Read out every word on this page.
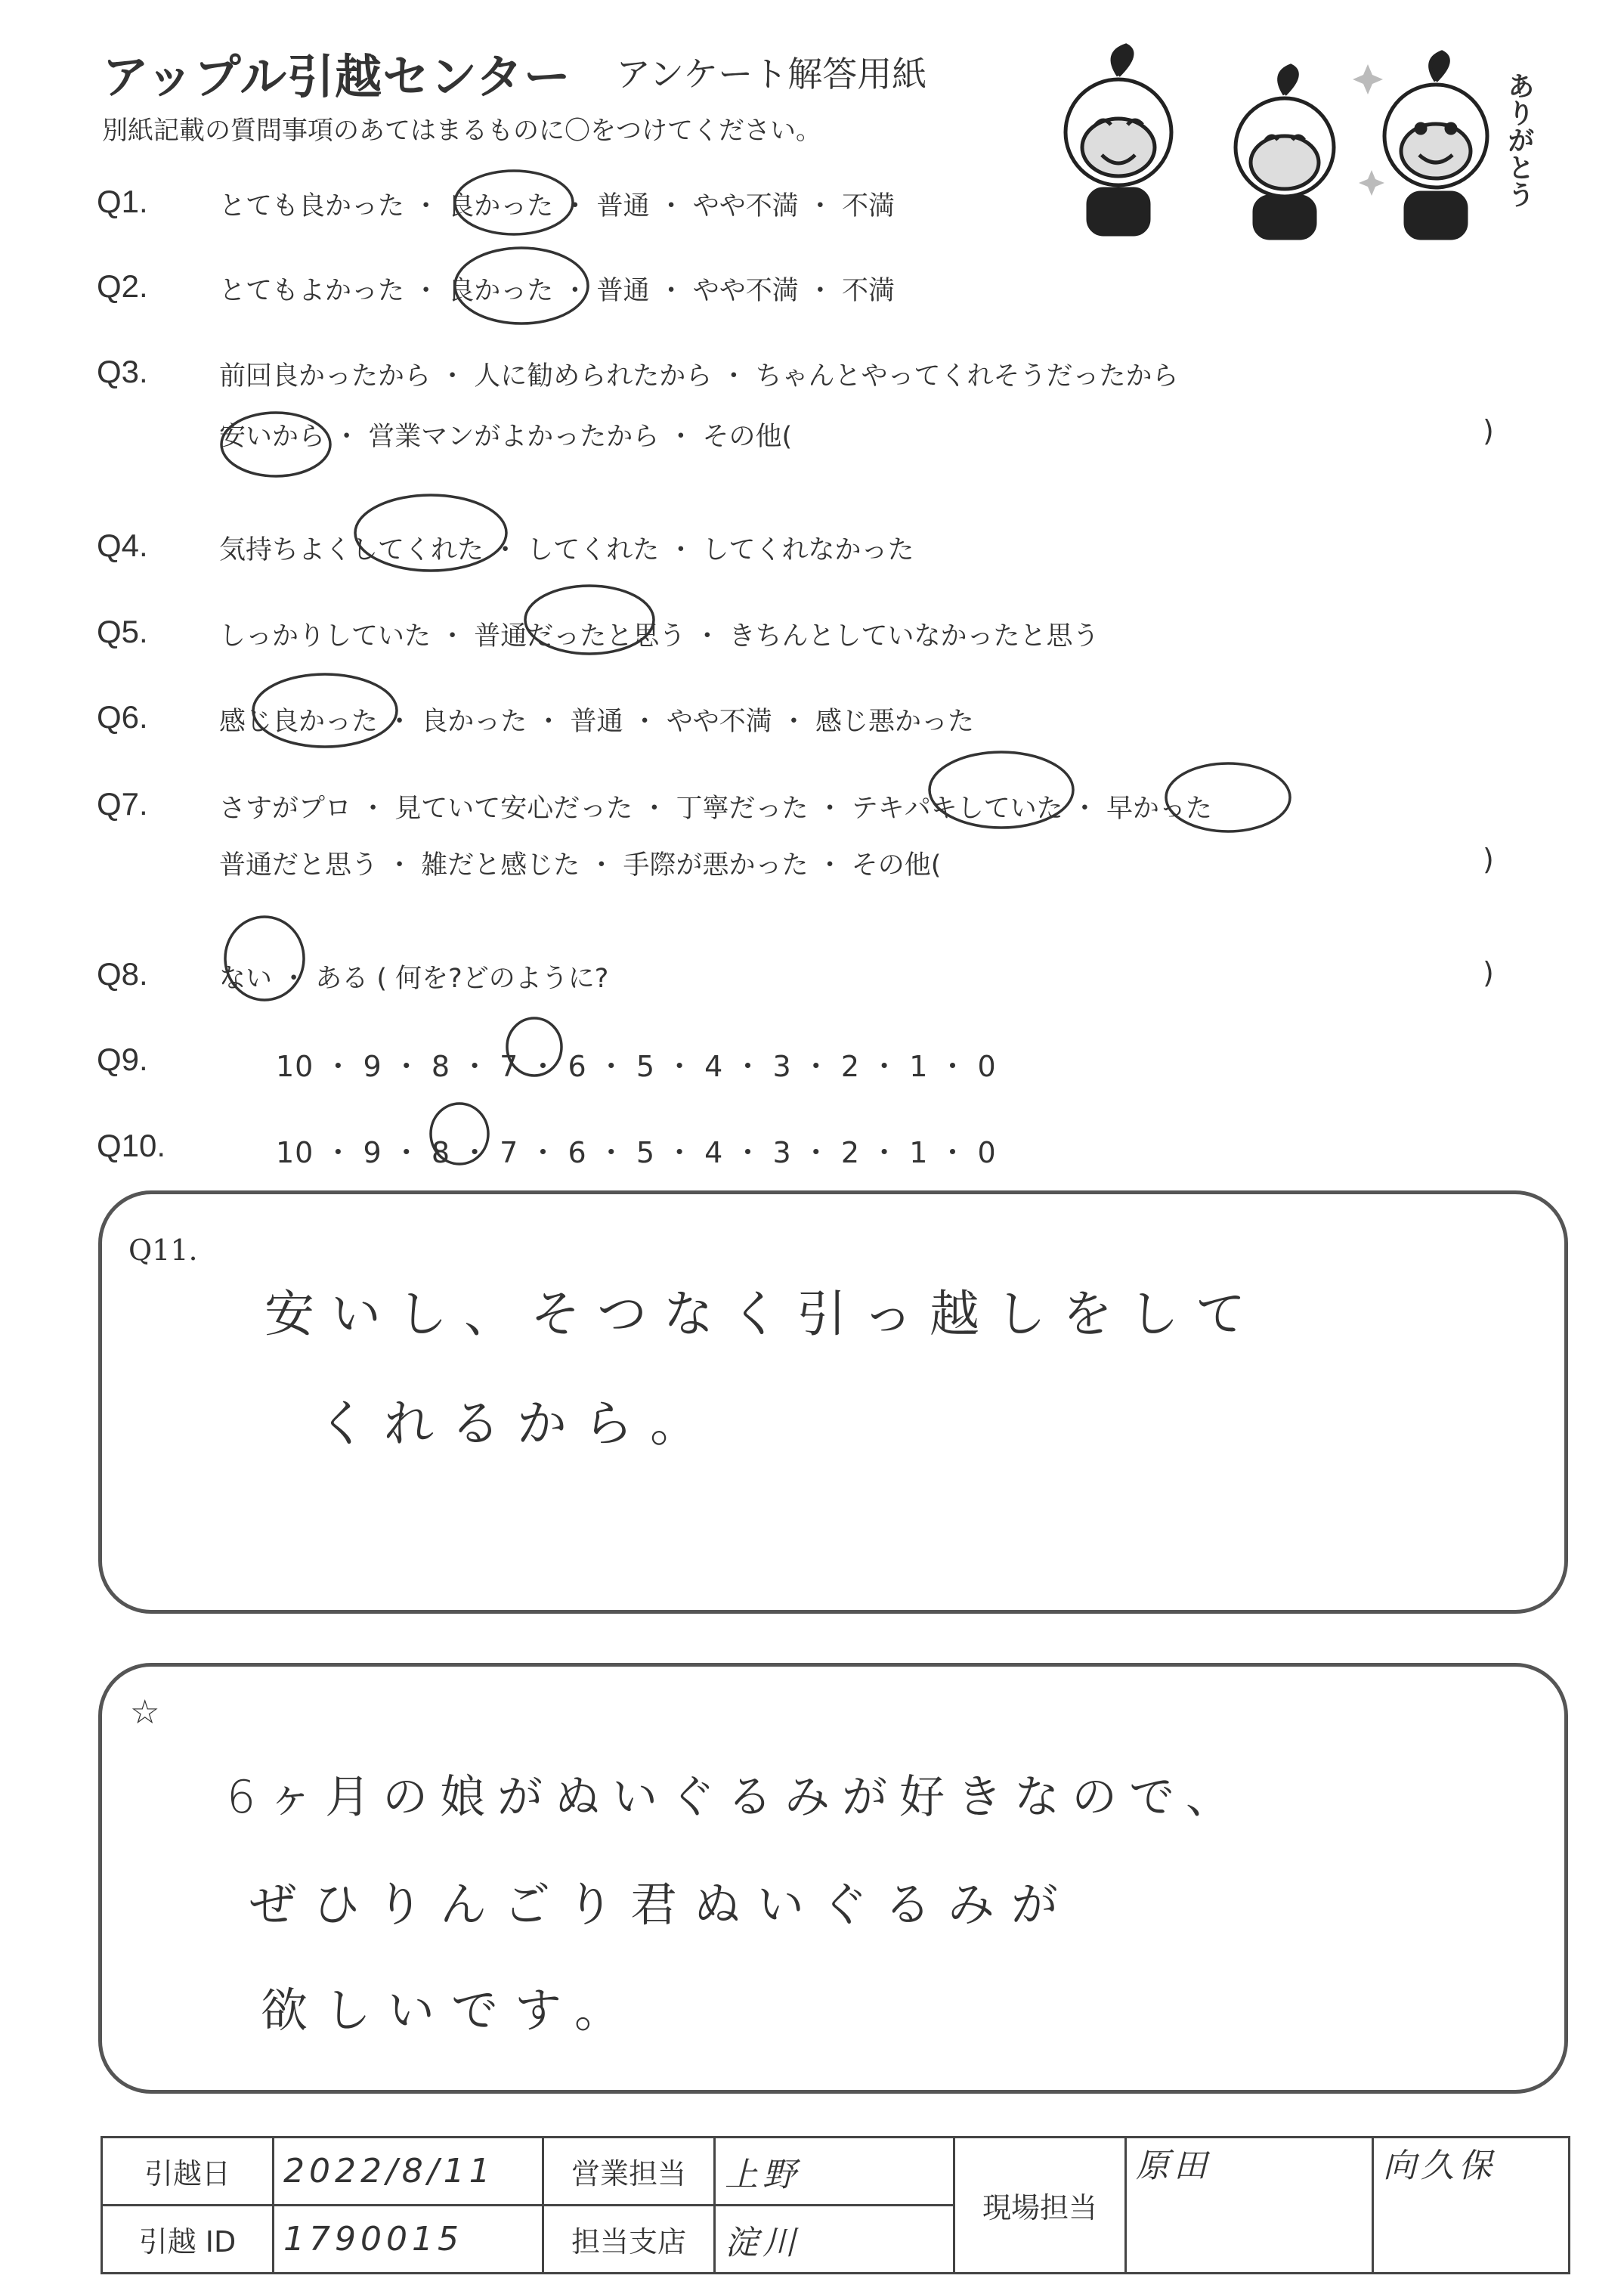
アップル引越センター アンケート解答用紙
別紙記載の質問事項のあてはまるものに〇をつけてください。	ありがとう
Q1.	とても良かった ・ 良かった ・ 普通 ・ やや不満 ・ 不満
Q2.	とてもよかった ・ 良かった ・ 普通 ・ やや不満 ・ 不満
Q3.	前回良かったから ・ 人に勧められたから ・ ちゃんとやってくれそうだったから
安いから ・ 営業マンがよかったから ・ その他(	)
Q4.	気持ちよくしてくれた ・ してくれた ・ してくれなかった
Q5.	しっかりしていた ・ 普通だったと思う ・ きちんとしていなかったと思う
Q6.	感じ良かった ・ 良かった ・ 普通 ・ やや不満 ・ 感じ悪かった
Q7.	さすがプロ ・ 見ていて安心だった ・ 丁寧だった ・ テキパキしていた ・ 早かった
普通だと思う ・ 雑だと感じた ・ 手際が悪かった ・ その他(	)
Q8.	ない ・ ある ( 何を?どのように?	)
Q9.	10 ・ 9 ・ 8 ・ 7 ・ 6 ・ 5 ・ 4 ・ 3 ・ 2 ・ 1 ・ 0
Q10.	10 ・ 9 ・ 8 ・ 7 ・ 6 ・ 5 ・ 4 ・ 3 ・ 2 ・ 1 ・ 0
Q11.
安いし、そつなく引っ越しをして
くれるから。
☆
6ヶ月の娘がぬいぐるみが好きなので、
ぜひりんごり君ぬいぐるみが
欲しいです。
引越日	2022/8/11	営業担当	上野	現場担当	原田	向久保
引越 ID	1790015	担当支店	淀川			
